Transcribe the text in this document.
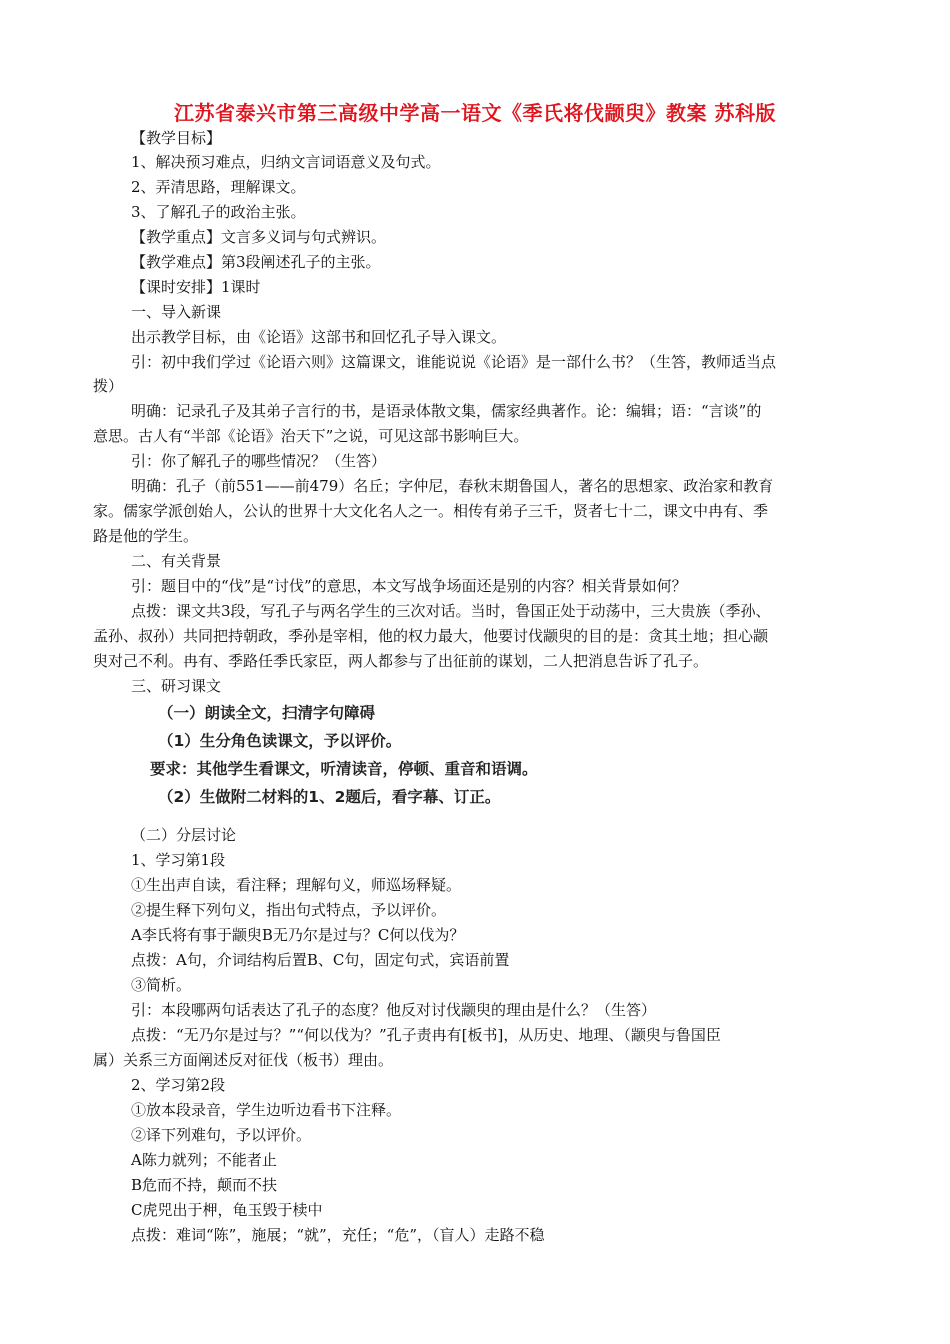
江苏省泰兴市第三高级中学高一语文《季氏将伐颛臾》教案 苏科版
【教学目标】
1、解决预习难点，归纳文言词语意义及句式。
2、弄清思路，理解课文。
3、了解孔子的政治主张。
【教学重点】文言多义词与句式辨识。
【教学难点】第3段阐述孔子的主张。
【课时安排】1课时
一、导入新课
出示教学目标，由《论语》这部书和回忆孔子导入课文。
引：初中我们学过《论语六则》这篇课文，谁能说说《论语》是一部什么书？（生答，教师适当点
拨）
明确：记录孔子及其弟子言行的书，是语录体散文集，儒家经典著作。论：编辑；语：“言谈”的
意思。古人有“半部《论语》治天下”之说，可见这部书影响巨大。
引：你了解孔子的哪些情况？（生答）
明确：孔子（前551——前479）名丘；字仲尼，春秋末期鲁国人，著名的思想家、政治家和教育
家。儒家学派创始人，公认的世界十大文化名人之一。相传有弟子三千，贤者七十二，课文中冉有、季
路是他的学生。
二、有关背景
引：题目中的“伐”是“讨伐”的意思，本文写战争场面还是别的内容？相关背景如何？
点拨：课文共3段，写孔子与两名学生的三次对话。当时，鲁国正处于动荡中，三大贵族（季孙、
孟孙、叔孙）共同把持朝政，季孙是宰相，他的权力最大，他要讨伐颛臾的目的是：贪其土地；担心颛
臾对己不利。冉有、季路任季氏家臣，两人都参与了出征前的谋划，二人把消息告诉了孔子。
三、研习课文
（一）朗读全文，扫清字句障碍
（1）生分角色读课文，予以评价。
要求：其他学生看课文，听清读音，停顿、重音和语调。
（2）生做附二材料的1、2题后，看字幕、订正。
（二）分层讨论
1、学习第1段
①生出声自读，看注释；理解句义，师巡场释疑。
②提生释下列句义，指出句式特点，予以评价。
A李氏将有事于颛臾B无乃尔是过与？C何以伐为？
点拨：A句，介词结构后置B、C句，固定句式，宾语前置
③简析。
引：本段哪两句话表达了孔子的态度？他反对讨伐颛臾的理由是什么？（生答）
点拨：“无乃尔是过与？”“何以伐为？”孔子责冉有[板书]，从历史、地理、（颛臾与鲁国臣
属）关系三方面阐述反对征伐（板书）理由。
2、学习第2段
①放本段录音，学生边听边看书下注释。
②译下列难句，予以评价。
A陈力就列；不能者止
B危而不持，颠而不扶
C虎兕出于柙，龟玉毁于椟中
点拨：难词“陈”，施展；“就”，充任；“危”，（盲人）走路不稳
